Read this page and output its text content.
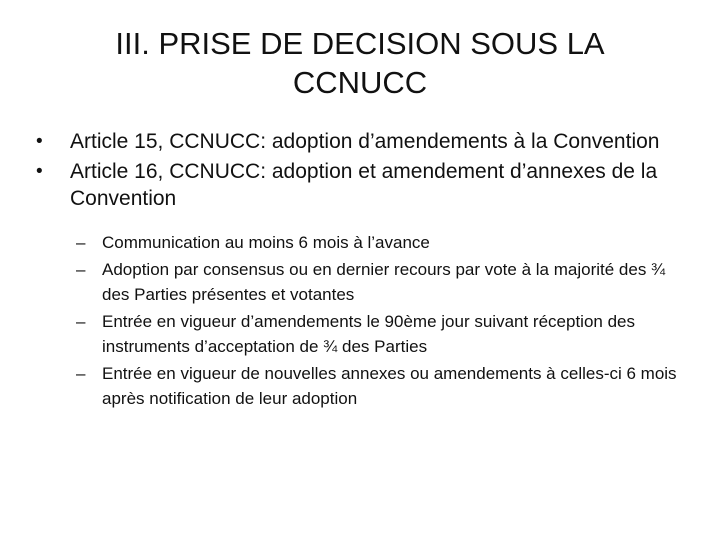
III. PRISE DE DECISION SOUS LA
CCNUCC
• Article 15, CCNUCC: adoption d’amendements à la Convention
• Article 16, CCNUCC: adoption et amendement d’annexes de la Convention
– Communication au moins 6 mois à l’avance
– Adoption par consensus ou en dernier recours par vote à la majorité des ¾ des Parties présentes et votantes
– Entrée en vigueur d’amendements le 90ème jour suivant réception des instruments d’acceptation de ¾ des Parties
– Entrée en vigueur de nouvelles annexes ou amendements à celles-ci 6 mois après notification de leur adoption
